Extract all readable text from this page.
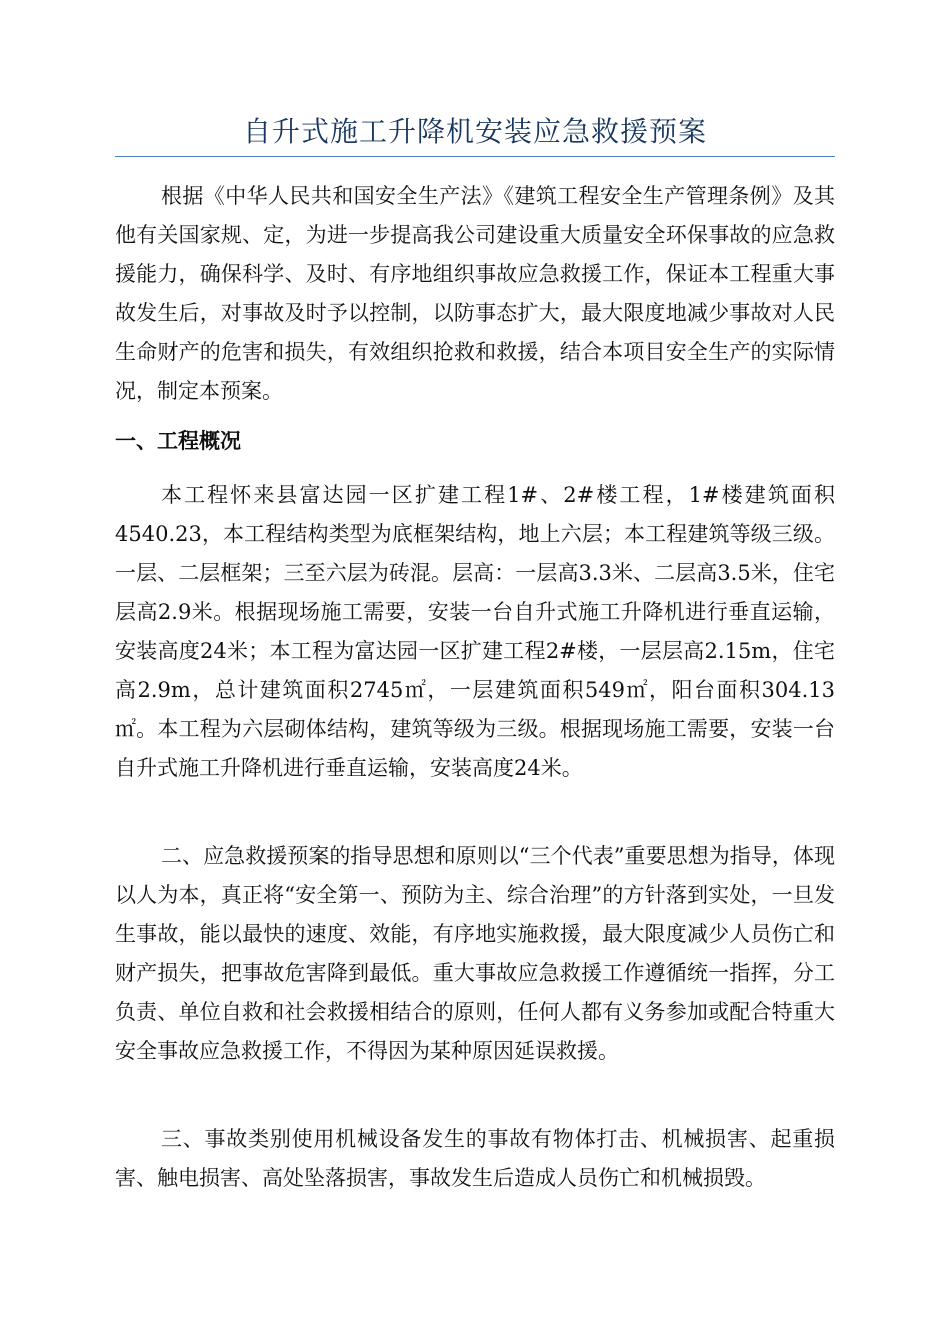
自升式施工升降机安装应急救援预案

根据《中华人民共和国安全生产法》《建筑工程安全生产管理条例》及其他有关国家规、定，为进一步提高我公司建设重大质量安全环保事故的应急救援能力，确保科学、及时、有序地组织事故应急救援工作，保证本工程重大事故发生后，对事故及时予以控制，以防事态扩大，最大限度地减少事故对人民生命财产的危害和损失，有效组织抢救和救援，结合本项目安全生产的实际情况，制定本预案。

一、工程概况

本工程怀来县富达园一区扩建工程1#、2#楼工程，1#楼建筑面积4540.23，本工程结构类型为底框架结构，地上六层；本工程建筑等级三级。一层、二层框架；三至六层为砖混。层高：一层高3.3米、二层高3.5米，住宅层高2.9米。根据现场施工需要，安装一台自升式施工升降机进行垂直运输，安装高度24米；本工程为富达园一区扩建工程2#楼，一层层高2.15m，住宅高2.9m，总计建筑面积2745㎡，一层建筑面积549㎡，阳台面积304.13㎡。本工程为六层砌体结构，建筑等级为三级。根据现场施工需要，安装一台自升式施工升降机进行垂直运输，安装高度24米。

二、应急救援预案的指导思想和原则以“三个代表”重要思想为指导，体现以人为本，真正将“安全第一、预防为主、综合治理”的方针落到实处，一旦发生事故，能以最快的速度、效能，有序地实施救援，最大限度减少人员伤亡和财产损失，把事故危害降到最低。重大事故应急救援工作遵循统一指挥，分工负责、单位自救和社会救援相结合的原则，任何人都有义务参加或配合特重大安全事故应急救援工作，不得因为某种原因延误救援。

三、事故类别使用机械设备发生的事故有物体打击、机械损害、起重损害、触电损害、高处坠落损害，事故发生后造成人员伤亡和机械损毁。
